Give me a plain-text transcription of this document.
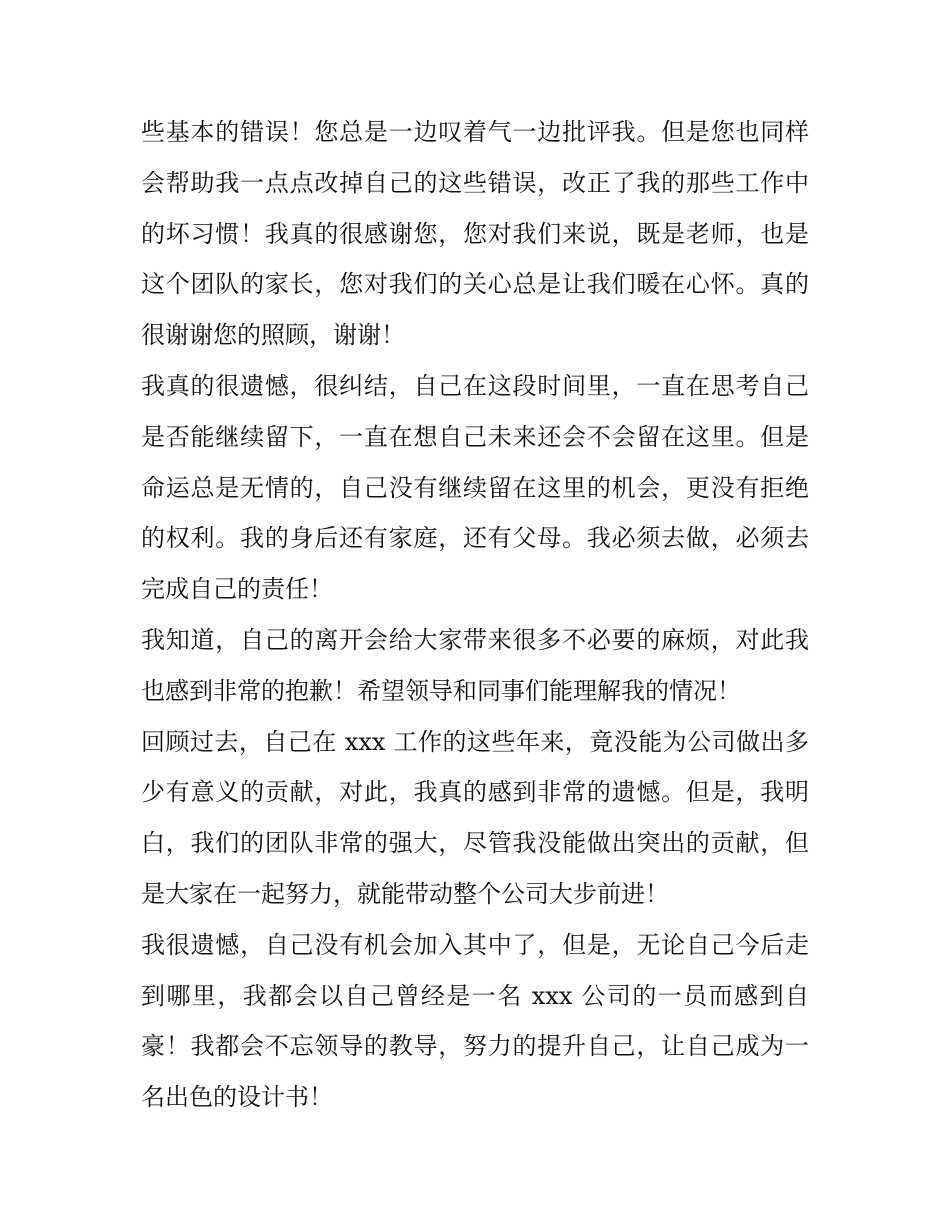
些基本的错误！您总是一边叹着气一边批评我。但是您也同样会帮助我一点点改掉自己的这些错误，改正了我的那些工作中的坏习惯！我真的很感谢您，您对我们来说，既是老师，也是这个团队的家长，您对我们的关心总是让我们暖在心怀。真的很谢谢您的照顾，谢谢！

我真的很遗憾，很纠结，自己在这段时间里，一直在思考自己是否能继续留下，一直在想自己未来还会不会留在这里。但是命运总是无情的，自己没有继续留在这里的机会，更没有拒绝的权利。我的身后还有家庭，还有父母。我必须去做，必须去完成自己的责任！

我知道，自己的离开会给大家带来很多不必要的麻烦，对此我也感到非常的抱歉！希望领导和同事们能理解我的情况！

回顾过去，自己在 xxx 工作的这些年来，竟没能为公司做出多少有意义的贡献，对此，我真的感到非常的遗憾。但是，我明白，我们的团队非常的强大，尽管我没能做出突出的贡献，但是大家在一起努力，就能带动整个公司大步前进！

我很遗憾，自己没有机会加入其中了，但是，无论自己今后走到哪里，我都会以自己曾经是一名 xxx 公司的一员而感到自豪！我都会不忘领导的教导，努力的提升自己，让自己成为一名出色的设计书！
